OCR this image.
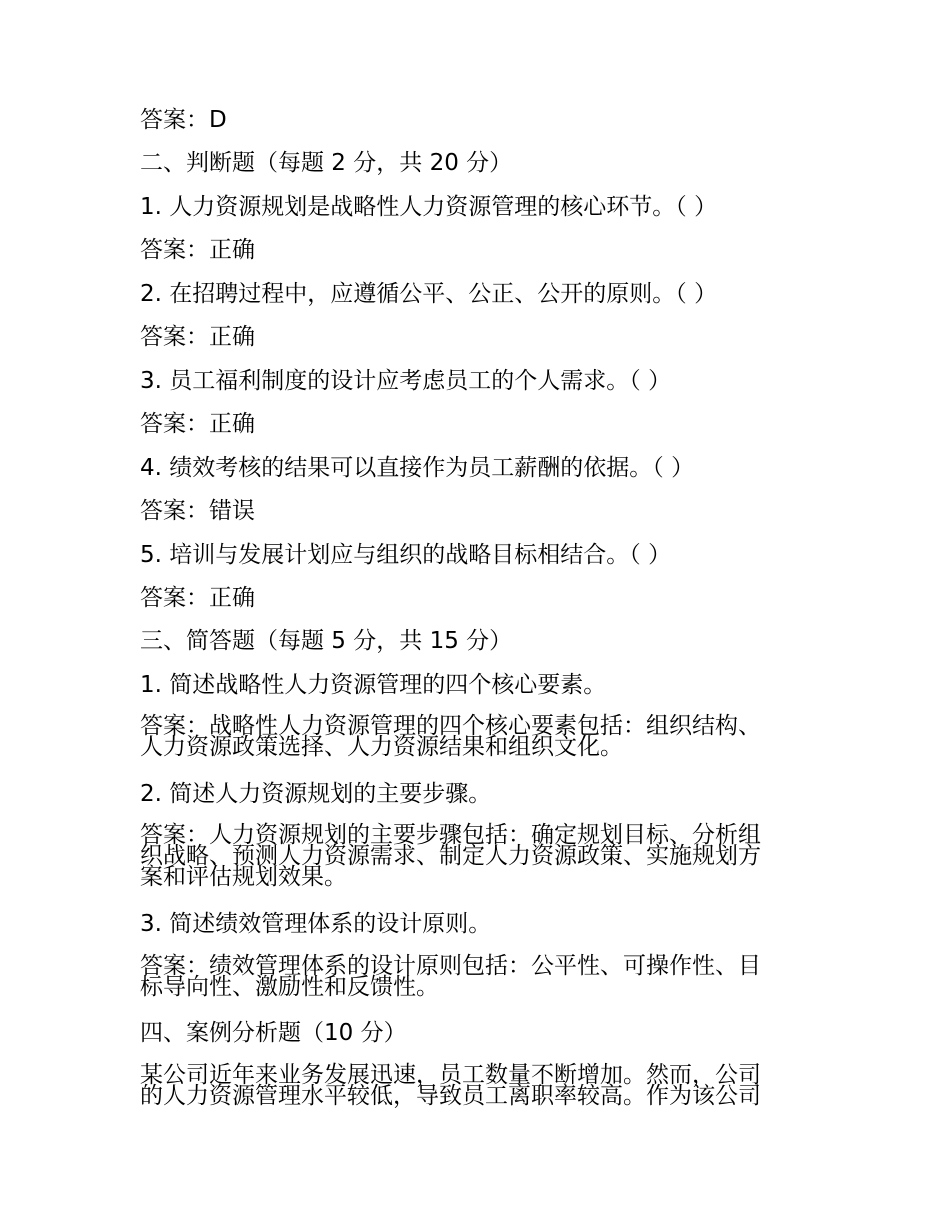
答案：D
二、判断题（每题 2 分，共 20 分）
1. 人力资源规划是战略性人力资源管理的核心环节。（ ）
答案：正确
2. 在招聘过程中，应遵循公平、公正、公开的原则。（ ）
答案：正确
3. 员工福利制度的设计应考虑员工的个人需求。（ ）
答案：正确
4. 绩效考核的结果可以直接作为员工薪酬的依据。（ ）
答案：错误
5. 培训与发展计划应与组织的战略目标相结合。（ ）
答案：正确
三、简答题（每题 5 分，共 15 分）
1. 简述战略性人力资源管理的四个核心要素。
答案：战略性人力资源管理的四个核心要素包括：组织结构、
人力资源政策选择、人力资源结果和组织文化。
2. 简述人力资源规划的主要步骤。
答案：人力资源规划的主要步骤包括：确定规划目标、分析组
织战略、预测人力资源需求、制定人力资源政策、实施规划方
案和评估规划效果。
3. 简述绩效管理体系的设计原则。
答案：绩效管理体系的设计原则包括：公平性、可操作性、目
标导向性、激励性和反馈性。
四、案例分析题（10 分）
某公司近年来业务发展迅速，员工数量不断增加。然而，公司
的人力资源管理水平较低，导致员工离职率较高。作为该公司
